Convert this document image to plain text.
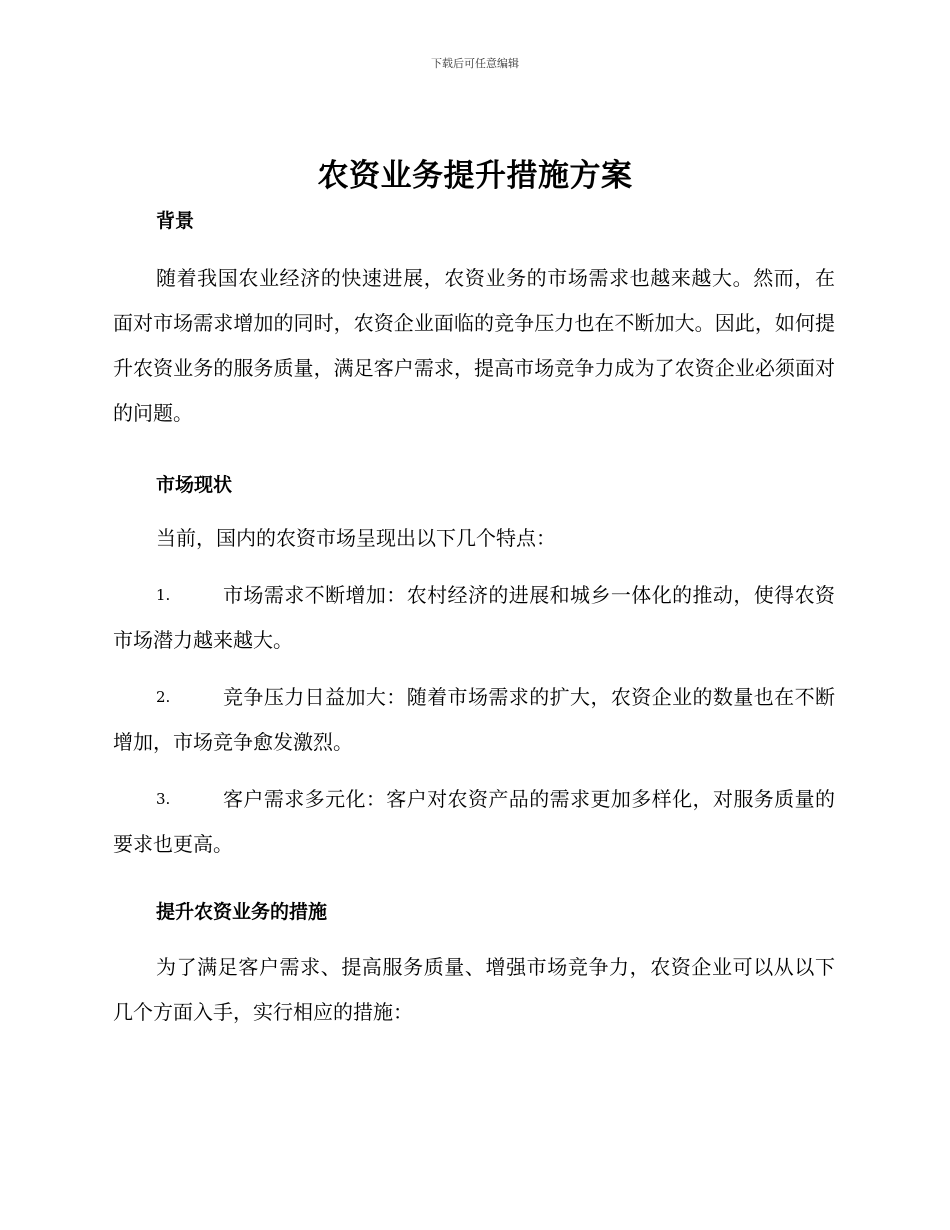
下载后可任意编辑
农资业务提升措施方案

背景

随着我国农业经济的快速进展，农资业务的市场需求也越来越大。然而，在面对市场需求增加的同时，农资企业面临的竞争压力也在不断加大。因此，如何提升农资业务的服务质量，满足客户需求，提高市场竞争力成为了农资企业必须面对的问题。

市场现状

当前，国内的农资市场呈现出以下几个特点：

1.	市场需求不断增加：农村经济的进展和城乡一体化的推动，使得农资市场潜力越来越大。
2.	竞争压力日益加大：随着市场需求的扩大，农资企业的数量也在不断增加，市场竞争愈发激烈。
3.	客户需求多元化：客户对农资产品的需求更加多样化，对服务质量的要求也更高。

提升农资业务的措施

为了满足客户需求、提高服务质量、增强市场竞争力，农资企业可以从以下几个方面入手，实行相应的措施：
